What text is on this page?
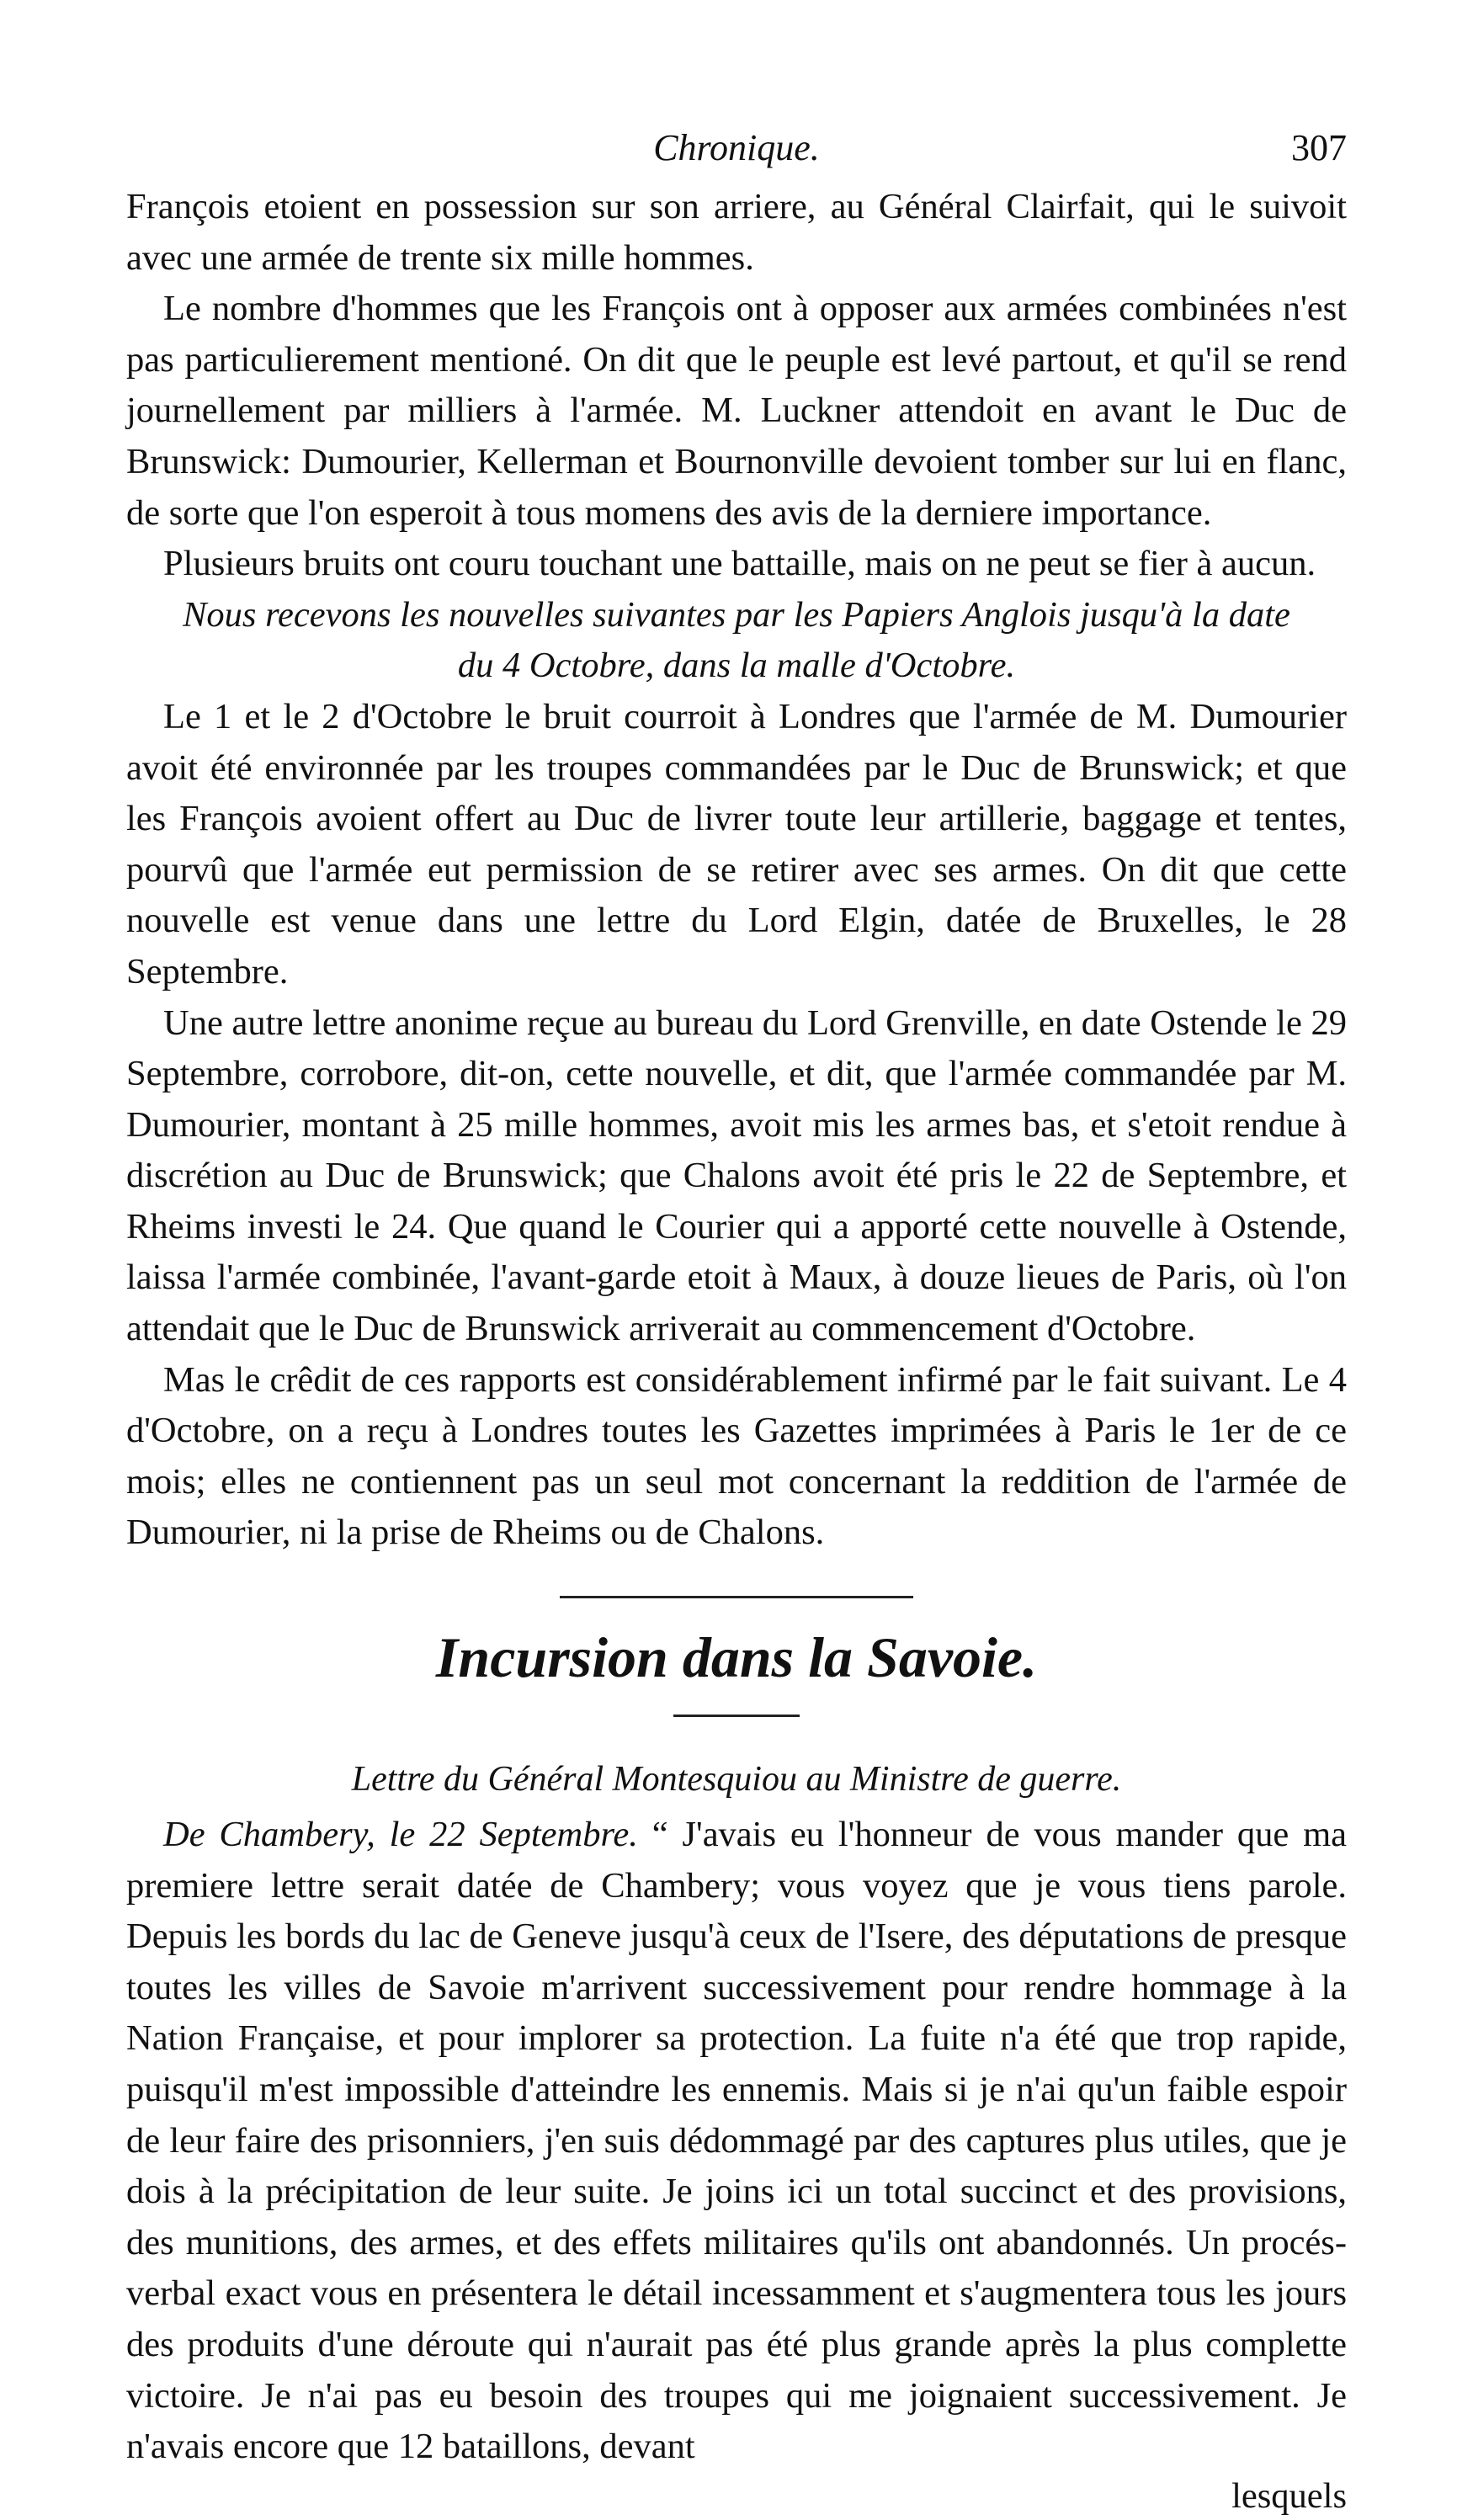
Chronique.	307

François etoient en possession sur son arriere, au Général Clairfait, qui le suivoit avec une armée de trente six mille hommes.

Le nombre d'hommes que les François ont à opposer aux armées combinées n'est pas particulierement mentioné. On dit que le peuple est levé partout, et qu'il se rend journellement par milliers à l'armée. M. Luckner attendoit en avant le Duc de Brunswick: Dumourier, Kellerman et Bournonville devoient tomber sur lui en flanc, de sorte que l'on esperoit à tous momens des avis de la derniere importance.

Plusieurs bruits ont couru touchant une battaille, mais on ne peut se fier à aucun.

Nous recevons les nouvelles suivantes par les Papiers Anglois jusqu'à la date
du 4 Octobre, dans la malle d'Octobre.

Le 1 et le 2 d'Octobre le bruit courroit à Londres que l'armée de M. Dumourier avoit été environnée par les troupes commandées par le Duc de Brunswick; et que les François avoient offert au Duc de livrer toute leur artillerie, baggage et tentes, pourvû que l'armée eut permission de se retirer avec ses armes. On dit que cette nouvelle est venue dans une lettre du Lord Elgin, datée de Bruxelles, le 28 Septembre.

Une autre lettre anonime reçue au bureau du Lord Grenville, en date Ostende le 29 Septembre, corrobore, dit-on, cette nouvelle, et dit, que l'armée commandée par M. Dumourier, montant à 25 mille hommes, avoit mis les armes bas, et s'etoit rendue à discrétion au Duc de Brunswick; que Chalons avoit été pris le 22 de Septembre, et Rheims investi le 24. Que quand le Courier qui a apporté cette nouvelle à Ostende, laissa l'armée combinée, l'avant-garde etoit à Maux, à douze lieues de Paris, où l'on attendait que le Duc de Brunswick arriverait au commencement d'Octobre.

Mas le crêdit de ces rapports est considérablement infirmé par le fait suivant. Le 4 d'Octobre, on a reçu à Londres toutes les Gazettes imprimées à Paris le 1er de ce mois; elles ne contiennent pas un seul mot concernant la reddition de l'armée de Dumourier, ni la prise de Rheims ou de Chalons.

Incursion dans la Savoie.
Lettre du Général Montesquiou au Ministre de guerre.

De Chambery, le 22 Septembre. “ J'avais eu l'honneur de vous mander que ma premiere lettre serait datée de Chambery; vous voyez que je vous tiens parole. Depuis les bords du lac de Geneve jusqu'à ceux de l'Isere, des députations de presque toutes les villes de Savoie m'arrivent successivement pour rendre hommage à la Nation Française, et pour implorer sa protection. La fuite n'a été que trop rapide, puisqu'il m'est impossible d'atteindre les ennemis. Mais si je n'ai qu'un faible espoir de leur faire des prisonniers, j'en suis dédommagé par des captures plus utiles, que je dois à la précipitation de leur suite. Je joins ici un total succinct et des provisions, des munitions, des armes, et des effets militaires qu'ils ont abandonnés. Un procés-verbal exact vous en présentera le détail incessamment et s'augmentera tous les jours des produits d'une déroute qui n'aurait pas été plus grande après la plus complette victoire. Je n'ai pas eu besoin des troupes qui me joignaient successivement. Je n'avais encore que 12 bataillons, devant

lesquels
